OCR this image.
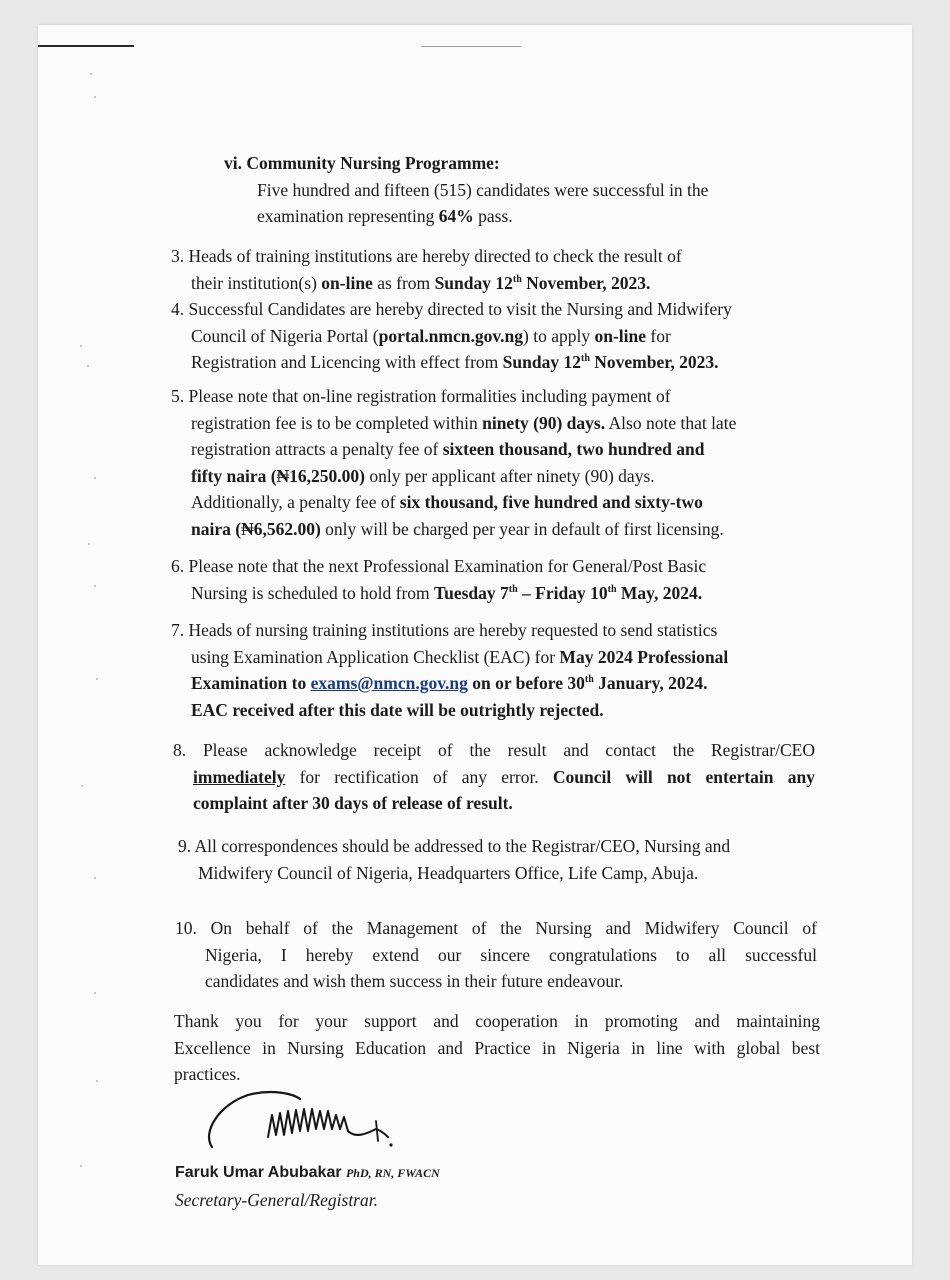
vi. Community Nursing Programme:
Five hundred and fifteen (515) candidates were successful in the
examination representing 64% pass.
3. Heads of training institutions are hereby directed to check the result of
their institution(s) on-line as from Sunday 12th November, 2023.
4. Successful Candidates are hereby directed to visit the Nursing and Midwifery
Council of Nigeria Portal (portal.nmcn.gov.ng) to apply on-line for
Registration and Licencing with effect from Sunday 12th November, 2023.
5. Please note that on-line registration formalities including payment of
registration fee is to be completed within ninety (90) days. Also note that late
registration attracts a penalty fee of sixteen thousand, two hundred and
fifty naira (₦16,250.00) only per applicant after ninety (90) days.
Additionally, a penalty fee of six thousand, five hundred and sixty-two
naira (₦6,562.00) only will be charged per year in default of first licensing.
6. Please note that the next Professional Examination for General/Post Basic
Nursing is scheduled to hold from Tuesday 7th – Friday 10th May, 2024.
7. Heads of nursing training institutions are hereby requested to send statistics
using Examination Application Checklist (EAC) for May 2024 Professional
Examination to exams@nmcn.gov.ng on or before 30th January, 2024.
EAC received after this date will be outrightly rejected.
8. Please acknowledge receipt of the result and contact the Registrar/CEO
immediately for rectification of any error. Council will not entertain any
complaint after 30 days of release of result.
9. All correspondences should be addressed to the Registrar/CEO, Nursing and
Midwifery Council of Nigeria, Headquarters Office, Life Camp, Abuja.
10. On behalf of the Management of the Nursing and Midwifery Council of
Nigeria, I hereby extend our sincere congratulations to all successful
candidates and wish them success in their future endeavour.
Thank you for your support and cooperation in promoting and maintaining
Excellence in Nursing Education and Practice in Nigeria in line with global best
practices.
Faruk Umar Abubakar PhD, RN, FWACN
Secretary-General/Registrar.
